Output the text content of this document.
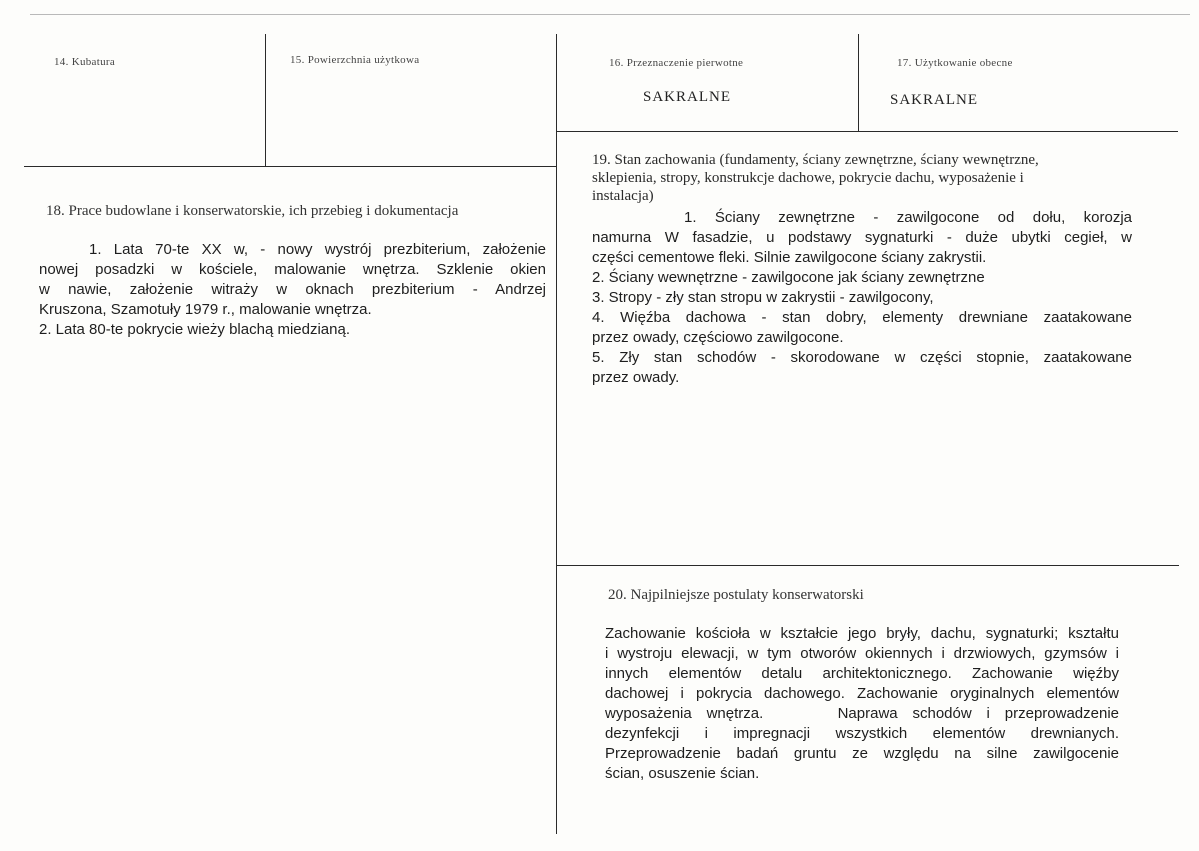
14. Kubatura	15. Powierzchnia użytkowa	16. Przeznaczenie pierwotne
SAKRALNE
17. Użytkowanie obecne
SAKRALNE
18. Prace budowlane i konserwatorskie, ich przebieg i dokumentacja

1. Lata 70-te XX w, - nowy wystrój prezbiterium, założenie

nowej posadzki w kościele, malowanie wnętrza. Szklenie okien

w nawie, założenie witraży w oknach prezbiterium - Andrzej

Kruszona, Szamotuły 1979 r., malowanie wnętrza.

2. Lata 80-te pokrycie wieży blachą miedzianą.

19. Stan zachowania (fundamenty, ściany zewnętrzne, ściany wewnętrzne,
sklepienia, stropy, konstrukcje dachowe, pokrycie dachu, wyposażenie i
instalacja)

1. Ściany zewnętrzne - zawilgocone od dołu, korozja

namurna W fasadzie, u podstawy sygnaturki - duże ubytki cegieł, w

części cementowe fleki. Silnie zawilgocone ściany zakrystii.

2. Ściany wewnętrzne - zawilgocone jak ściany zewnętrzne

3. Stropy - zły stan stropu w zakrystii - zawilgocony,

4. Więźba dachowa - stan dobry, elementy drewniane zaatakowane

przez owady, częściowo zawilgocone.

5. Zły stan schodów - skorodowane w części stopnie, zaatakowane

przez owady.

20. Najpilniejsze postulaty konserwatorski

Zachowanie kościoła w kształcie jego bryły, dachu, sygnaturki; kształtu

i wystroju elewacji, w tym otworów okiennych i drzwiowych, gzymsów i

innych elementów detalu architektonicznego. Zachowanie więźby

dachowej i pokrycia dachowego. Zachowanie oryginalnych elementów

wyposażenia wnętrza.     Naprawa schodów i przeprowadzenie

dezynfekcji i impregnacji wszystkich elementów drewnianych.

Przeprowadzenie badań gruntu ze względu na silne zawilgocenie

ścian, osuszenie ścian.
